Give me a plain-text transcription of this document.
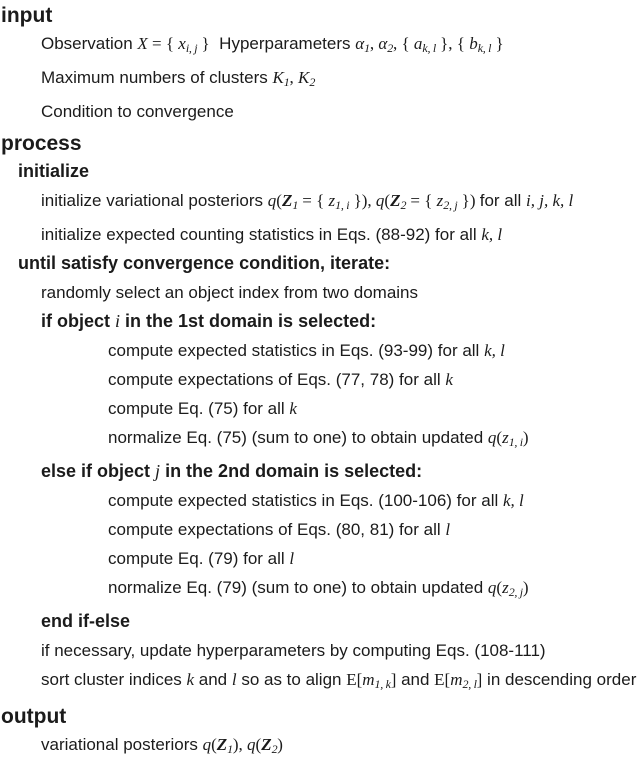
input
Observation X = { xi, j }  Hyperparameters α1, α2, { ak, l }, { bk, l }
Maximum numbers of clusters K1, K2
Condition to convergence
process
initialize
initialize variational posteriors q(Z1 = { z1, i }), q(Z2 = { z2, j }) for all i, j, k, l
initialize expected counting statistics in Eqs. (88-92) for all k, l
until satisfy convergence condition, iterate:
randomly select an object index from two domains
if object i in the 1st domain is selected:
compute expected statistics in Eqs. (93-99) for all k, l
compute expectations of Eqs. (77, 78) for all k
compute Eq. (75) for all k
normalize Eq. (75) (sum to one) to obtain updated q(z1, i)
else if object j in the 2nd domain is selected:
compute expected statistics in Eqs. (100-106) for all k, l
compute expectations of Eqs. (80, 81) for all l
compute Eq. (79) for all l
normalize Eq. (79) (sum to one) to obtain updated q(z2, j)
end if-else
if necessary, update hyperparameters by computing Eqs. (108-111)
sort cluster indices k and l so as to align E[m1, k] and E[m2, l] in descending order
output
variational posteriors q(Z1), q(Z2)
